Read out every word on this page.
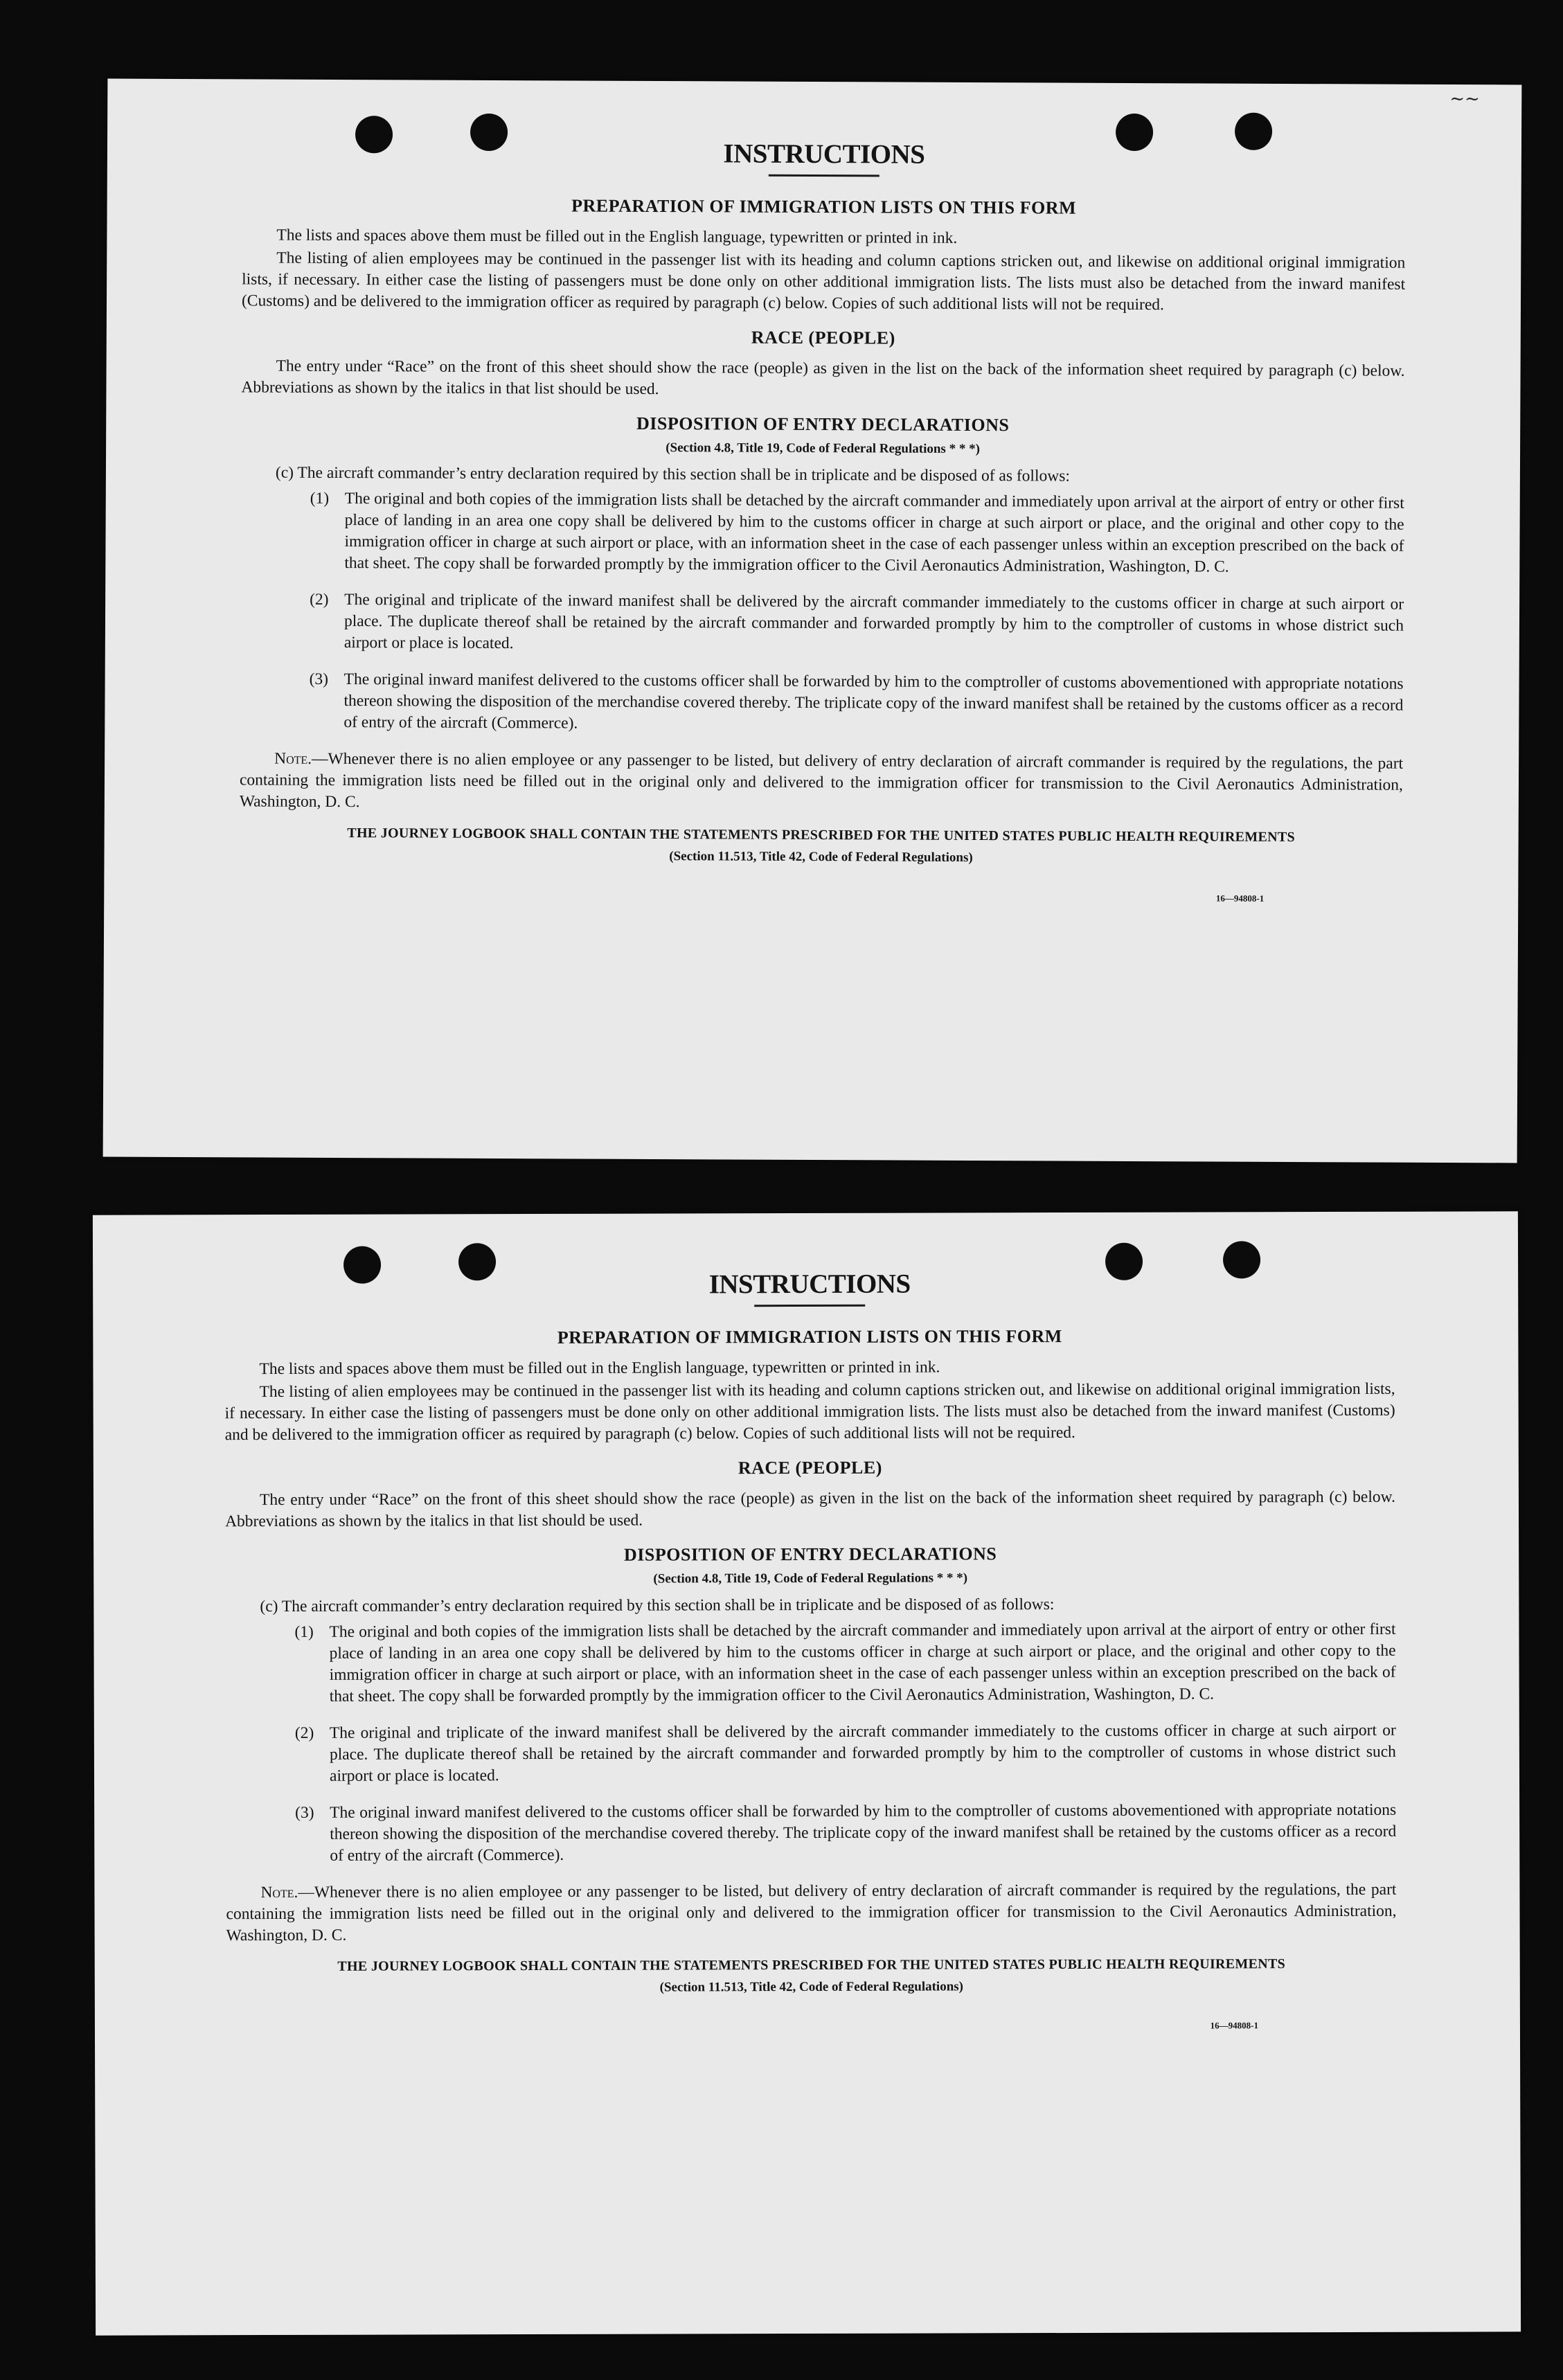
∼∼
INSTRUCTIONS
PREPARATION OF IMMIGRATION LISTS ON THIS FORM

The lists and spaces above them must be filled out in the English language, typewritten or printed in ink.

The listing of alien employees may be continued in the passenger list with its heading and column captions stricken out, and likewise on additional original immigration lists, if necessary. In either case the listing of passengers must be done only on other additional immigration lists. The lists must also be detached from the inward manifest (Customs) and be delivered to the immigration officer as required by paragraph (c) below. Copies of such additional lists will not be required.

RACE (PEOPLE)

The entry under “Race” on the front of this sheet should show the race (people) as given in the list on the back of the information sheet required by paragraph (c) below. Abbreviations as shown by the italics in that list should be used.

DISPOSITION OF ENTRY DECLARATIONS
(Section 4.8, Title 19, Code of Federal Regulations * * *)

(c) The aircraft commander’s entry declaration required by this section shall be in triplicate and be disposed of as follows:

(1) The original and both copies of the immigration lists shall be detached by the aircraft commander and immediately upon arrival at the airport of entry or other first place of landing in an area one copy shall be delivered by him to the customs officer in charge at such airport or place, and the original and other copy to the immigration officer in charge at such airport or place, with an information sheet in the case of each passenger unless within an exception prescribed on the back of that sheet. The copy shall be forwarded promptly by the immigration officer to the Civil Aeronautics Administration, Washington, D. C.
(2) The original and triplicate of the inward manifest shall be delivered by the aircraft commander immediately to the customs officer in charge at such airport or place. The duplicate thereof shall be retained by the aircraft commander and forwarded promptly by him to the comptroller of customs in whose district such airport or place is located.
(3) The original inward manifest delivered to the customs officer shall be forwarded by him to the comptroller of customs abovementioned with appropriate notations thereon showing the disposition of the merchandise covered thereby. The triplicate copy of the inward manifest shall be retained by the customs officer as a record of entry of the aircraft (Commerce).

Note.—Whenever there is no alien employee or any passenger to be listed, but delivery of entry declaration of aircraft commander is required by the regulations, the part containing the immigration lists need be filled out in the original only and delivered to the immigration officer for transmission to the Civil Aeronautics Administration, Washington, D. C.

THE JOURNEY LOGBOOK SHALL CONTAIN THE STATEMENTS PRESCRIBED FOR THE UNITED STATES PUBLIC HEALTH REQUIREMENTS
(Section 11.513, Title 42, Code of Federal Regulations)
16—94808-1
INSTRUCTIONS
PREPARATION OF IMMIGRATION LISTS ON THIS FORM

The lists and spaces above them must be filled out in the English language, typewritten or printed in ink.

The listing of alien employees may be continued in the passenger list with its heading and column captions stricken out, and likewise on additional original immigration lists, if necessary. In either case the listing of passengers must be done only on other additional immigration lists. The lists must also be detached from the inward manifest (Customs) and be delivered to the immigration officer as required by paragraph (c) below. Copies of such additional lists will not be required.

RACE (PEOPLE)

The entry under “Race” on the front of this sheet should show the race (people) as given in the list on the back of the information sheet required by paragraph (c) below. Abbreviations as shown by the italics in that list should be used.

DISPOSITION OF ENTRY DECLARATIONS
(Section 4.8, Title 19, Code of Federal Regulations * * *)

(c) The aircraft commander’s entry declaration required by this section shall be in triplicate and be disposed of as follows:

(1) The original and both copies of the immigration lists shall be detached by the aircraft commander and immediately upon arrival at the airport of entry or other first place of landing in an area one copy shall be delivered by him to the customs officer in charge at such airport or place, and the original and other copy to the immigration officer in charge at such airport or place, with an information sheet in the case of each passenger unless within an exception prescribed on the back of that sheet. The copy shall be forwarded promptly by the immigration officer to the Civil Aeronautics Administration, Washington, D. C.
(2) The original and triplicate of the inward manifest shall be delivered by the aircraft commander immediately to the customs officer in charge at such airport or place. The duplicate thereof shall be retained by the aircraft commander and forwarded promptly by him to the comptroller of customs in whose district such airport or place is located.
(3) The original inward manifest delivered to the customs officer shall be forwarded by him to the comptroller of customs abovementioned with appropriate notations thereon showing the disposition of the merchandise covered thereby. The triplicate copy of the inward manifest shall be retained by the customs officer as a record of entry of the aircraft (Commerce).

Note.—Whenever there is no alien employee or any passenger to be listed, but delivery of entry declaration of aircraft commander is required by the regulations, the part containing the immigration lists need be filled out in the original only and delivered to the immigration officer for transmission to the Civil Aeronautics Administration, Washington, D. C.

THE JOURNEY LOGBOOK SHALL CONTAIN THE STATEMENTS PRESCRIBED FOR THE UNITED STATES PUBLIC HEALTH REQUIREMENTS
(Section 11.513, Title 42, Code of Federal Regulations)
16—94808-1
